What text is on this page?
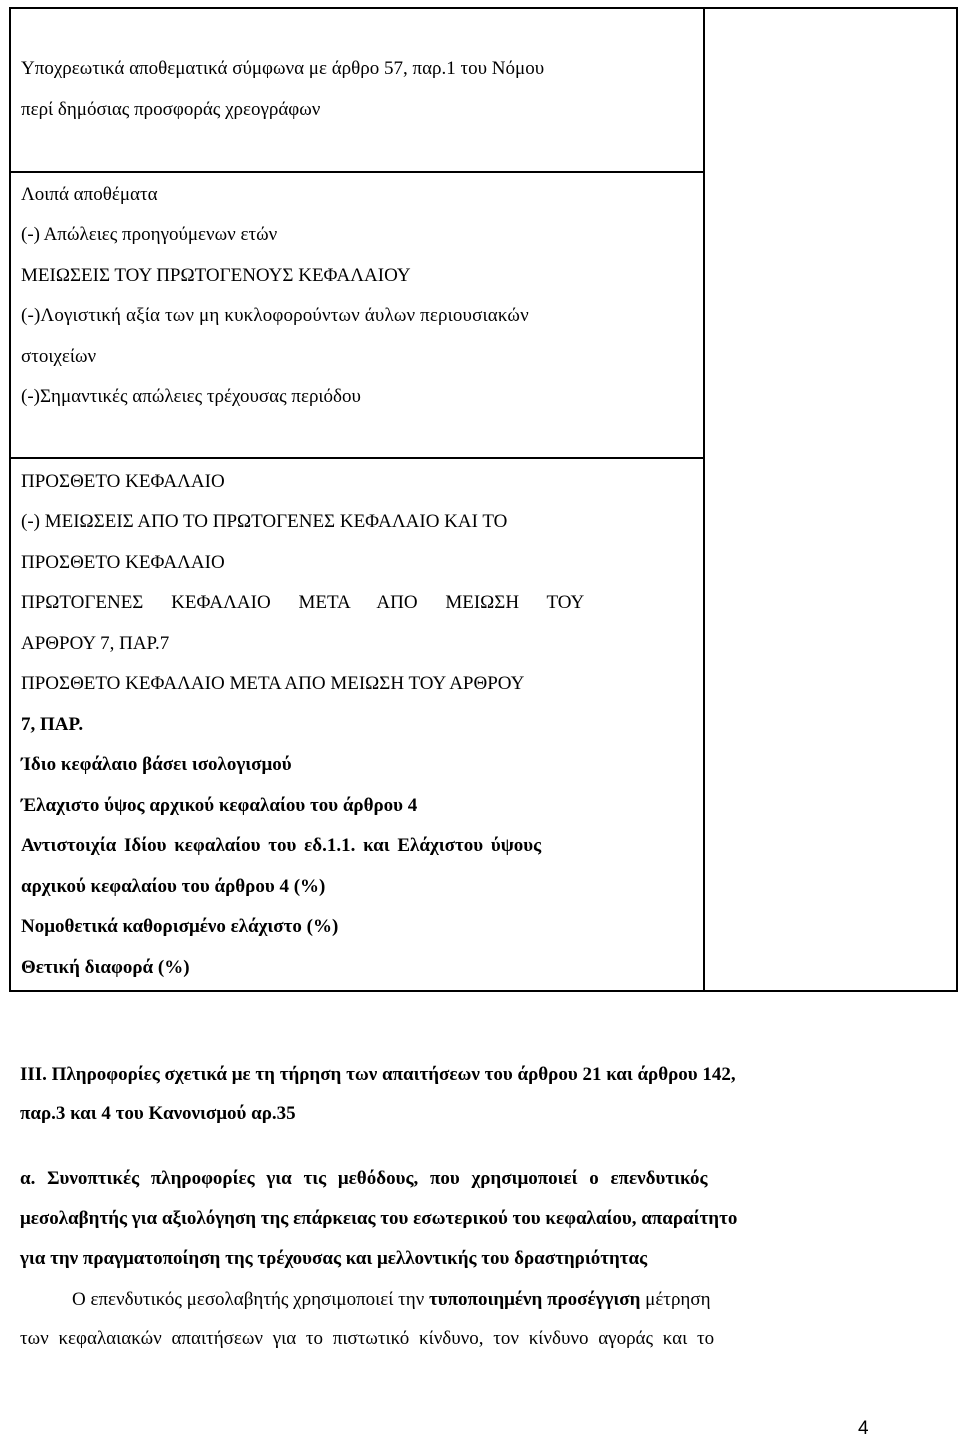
Υποχρεωτικά αποθεματικά σύμφωνα με άρθρο 57, παρ.1 του Νόμου
περί δημόσιας προσφοράς χρεογράφων
Λοιπά αποθέματα
(-) Απώλειες προηγούμενων ετών
ΜΕΙΩΣΕΙΣ ΤΟΥ ΠΡΩΤΟΓΕΝΟΥΣ ΚΕΦΑΛΑΙΟΥ
(-)Λογιστική αξία των μη κυκλοφορούντων άυλων περιουσιακών
στοιχείων
(-)Σημαντικές απώλειες τρέχουσας περιόδου
ΠΡΟΣΘΕΤΟ ΚΕΦΑΛΑΙΟ
(-) ΜΕΙΩΣΕΙΣ ΑΠΟ ΤΟ ΠΡΩΤΟΓΕΝΕΣ ΚΕΦΑΛΑΙΟ ΚΑΙ ΤΟ
ΠΡΟΣΘΕΤΟ ΚΕΦΑΛΑΙΟ
ΠΡΩΤΟΓΕΝΕΣ ΚΕΦΑΛΑΙΟ ΜΕΤΑ ΑΠΟ ΜΕΙΩΣΗ ΤΟΥ
ΑΡΘΡΟΥ 7, ΠΑΡ.7
ΠΡΟΣΘΕΤΟ ΚΕΦΑΛΑΙΟ ΜΕΤΑ ΑΠΟ ΜΕΙΩΣΗ ΤΟΥ ΑΡΘΡΟΥ
7, ΠΑΡ.
Ίδιο κεφάλαιο βάσει ισολογισμού
Έλαχιστο ύψος αρχικού κεφαλαίου του άρθρου 4
Αντιστοιχία Ιδίου κεφαλαίου του εδ.1.1. και Ελάχιστου ύψους
αρχικού κεφαλαίου του άρθρου 4 (%)
Νομοθετικά καθορισμένο ελάχιστο (%)
Θετική διαφορά (%)
ΙΙΙ. Πληροφορίες σχετικά με τη τήρηση των απαιτήσεων του άρθρου 21 και άρθρου 142,
παρ.3 και 4 του Κανονισμού αρ.35
α. Συνοπτικές πληροφορίες για τις μεθόδους, που χρησιμοποιεί ο επενδυτικός
μεσολαβητής για αξιολόγηση της επάρκειας του εσωτερικού του κεφαλαίου, απαραίτητο
για την πραγματοποίηση της τρέχουσας και μελλοντικής του δραστηριότητας
Ο επενδυτικός μεσολαβητής χρησιμοποιεί την τυποποιημένη προσέγγιση μέτρηση
των κεφαλαιακών απαιτήσεων για το πιστωτικό κίνδυνο, τον κίνδυνο αγοράς και το
4
